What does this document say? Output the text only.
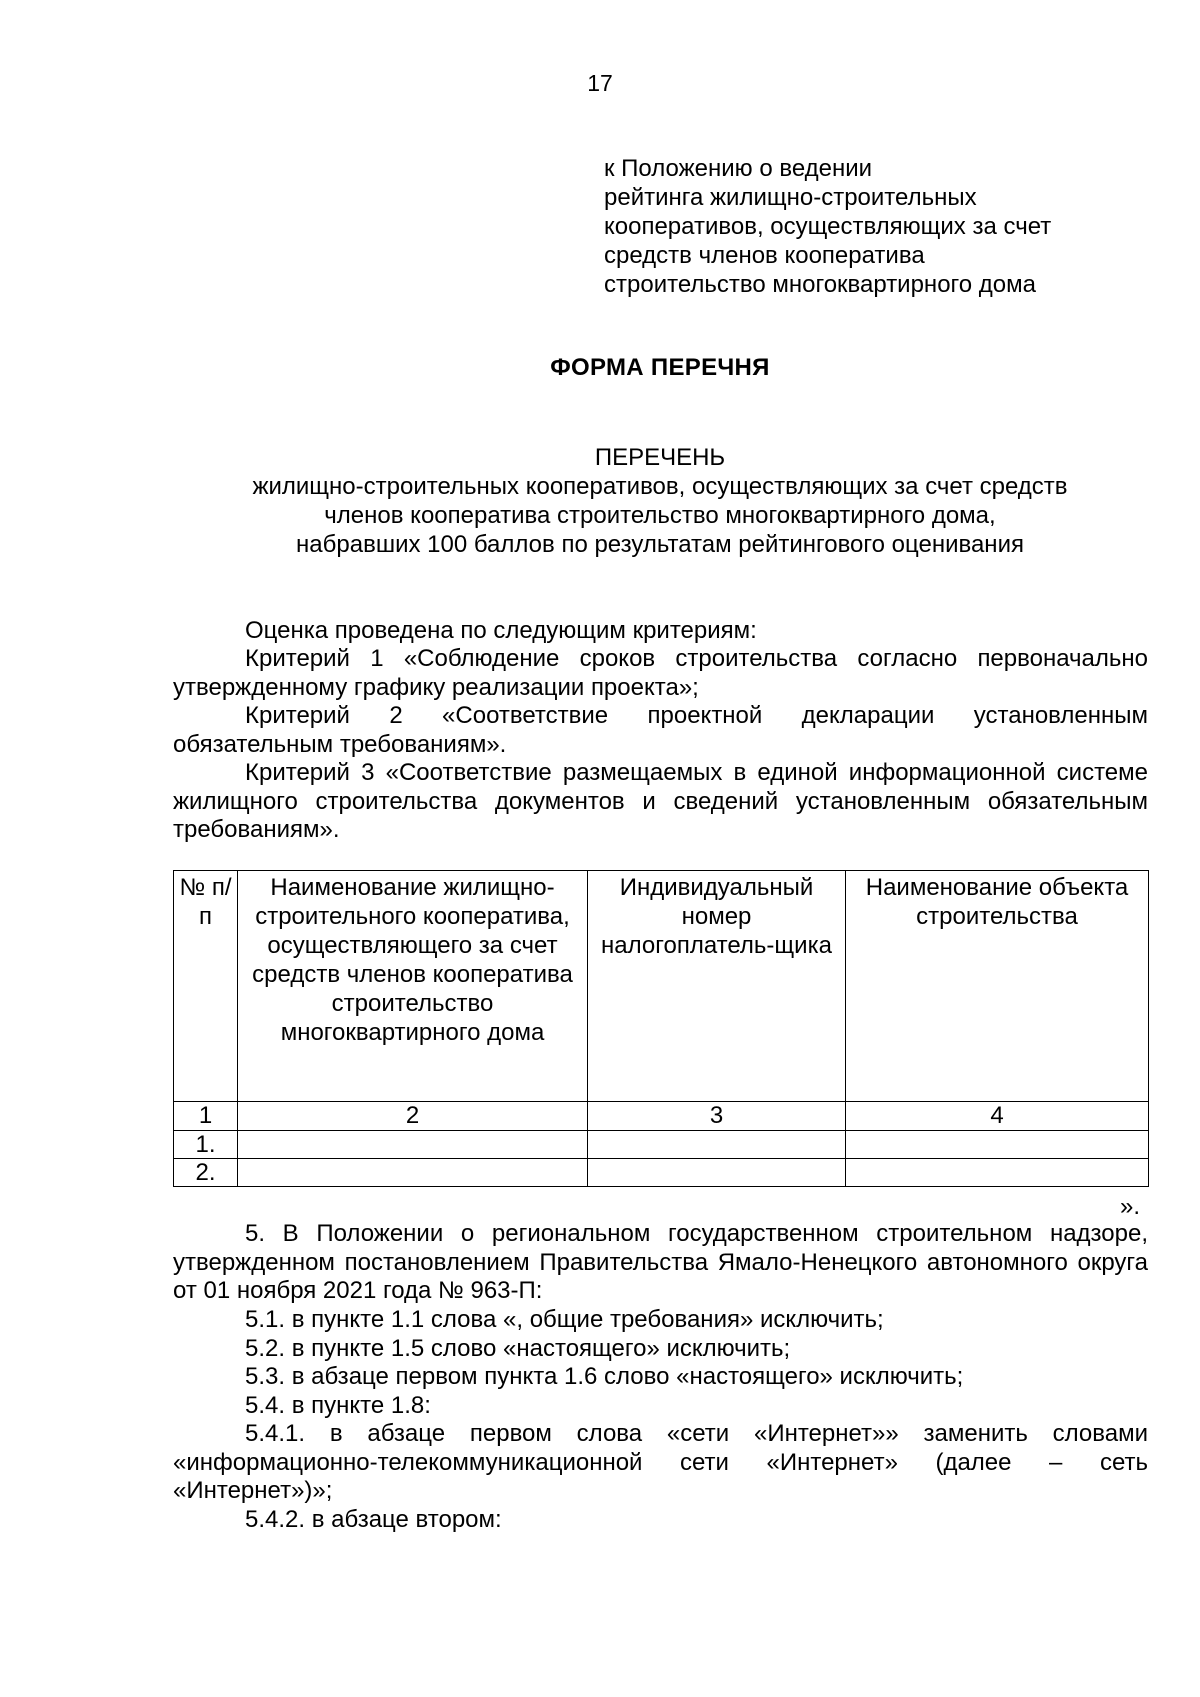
17
к Положению о ведении
рейтинга жилищно-строительных
кооперативов, осуществляющих за счет
средств членов кооператива
строительство многоквартирного дома
ФОРМА ПЕРЕЧНЯ
ПЕРЕЧЕНЬ
жилищно-строительных кооперативов, осуществляющих за счет средств
членов кооператива строительство многоквартирного дома,
набравших 100 баллов по результатам рейтингового оценивания
Оценка проведена по следующим критериям:
Критерий 1 «Соблюдение сроков строительства согласно первоначально утвержденному графику реализации проекта»;
Критерий 2 «Соответствие проектной декларации установленным обязательным требованиям».
Критерий 3 «Соответствие размещаемых в единой информационной системе жилищного строительства документов и сведений установленным обязательным требованиям».
№ п/п	Наименование жилищно-строительного кооператива, осуществляющего за счет средств членов кооператива строительство многоквартирного дома	Индивидуальный номер налогоплатель-щика	Наименование объекта строительства
1	2	3	4
1.			
2.			
».
5. В Положении о региональном государственном строительном надзоре, утвержденном постановлением Правительства Ямало-Ненецкого автономного округа от 01 ноября 2021 года № 963-П:
5.1. в пункте 1.1 слова «, общие требования» исключить;
5.2. в пункте 1.5 слово «настоящего» исключить;
5.3. в абзаце первом пункта 1.6 слово «настоящего» исключить;
5.4. в пункте 1.8:
5.4.1. в абзаце первом слова «сети «Интернет»» заменить словами «информационно-телекоммуникационной сети «Интернет» (далее – сеть «Интернет»)»;
5.4.2. в абзаце втором:
